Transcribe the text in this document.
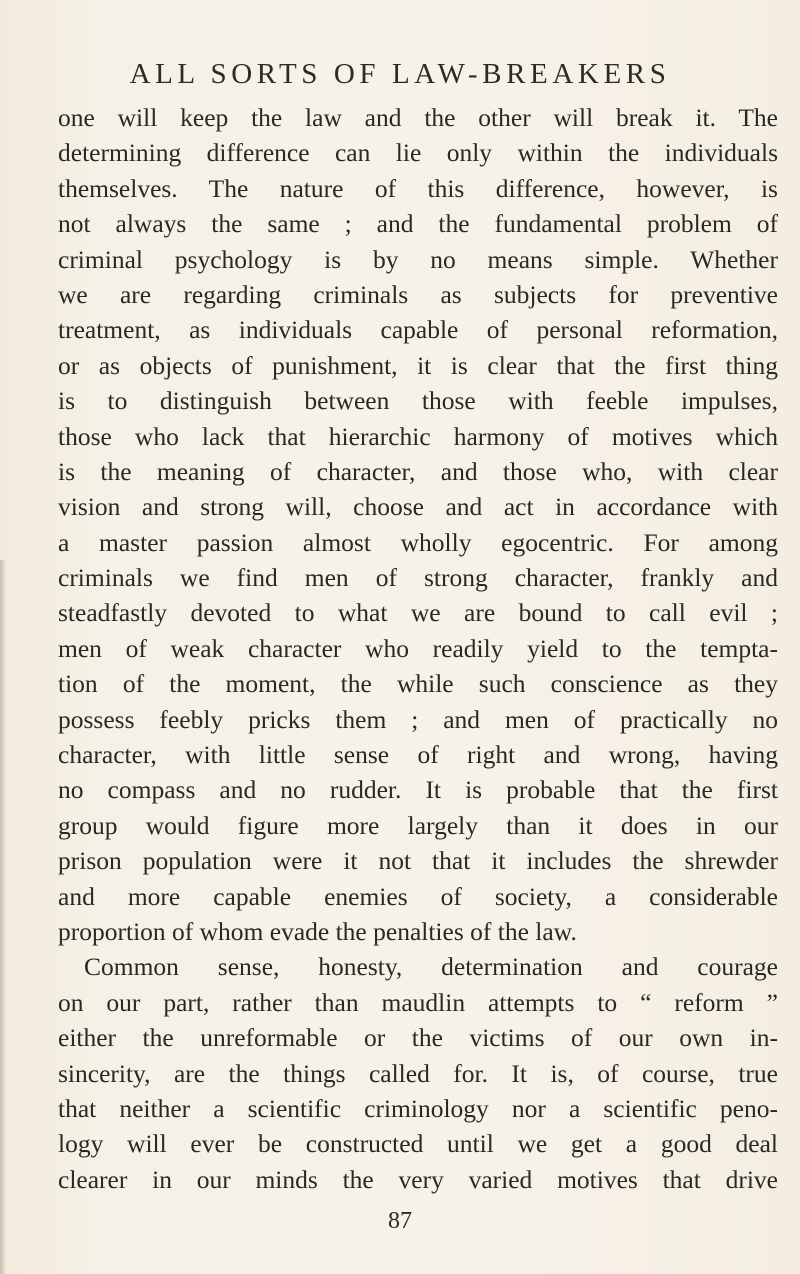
ALL SORTS OF LAW-BREAKERS
one will keep the law and the other will break it. The
determining difference can lie only within the individuals
themselves. The nature of this difference, however, is
not always the same ; and the fundamental problem of
criminal psychology is by no means simple. Whether
we are regarding criminals as subjects for preventive
treatment, as individuals capable of personal reformation,
or as objects of punishment, it is clear that the first thing
is to distinguish between those with feeble impulses,
those who lack that hierarchic harmony of motives which
is the meaning of character, and those who, with clear
vision and strong will, choose and act in accordance with
a master passion almost wholly egocentric. For among
criminals we find men of strong character, frankly and
steadfastly devoted to what we are bound to call evil ;
men of weak character who readily yield to the tempta-
tion of the moment, the while such conscience as they
possess feebly pricks them ; and men of practically no
character, with little sense of right and wrong, having
no compass and no rudder. It is probable that the first
group would figure more largely than it does in our
prison population were it not that it includes the shrewder
and more capable enemies of society, a considerable
proportion of whom evade the penalties of the law.
Common sense, honesty, determination and courage
on our part, rather than maudlin attempts to “ reform ”
either the unreformable or the victims of our own in-
sincerity, are the things called for. It is, of course, true
that neither a scientific criminology nor a scientific peno-
logy will ever be constructed until we get a good deal
clearer in our minds the very varied motives that drive
87
